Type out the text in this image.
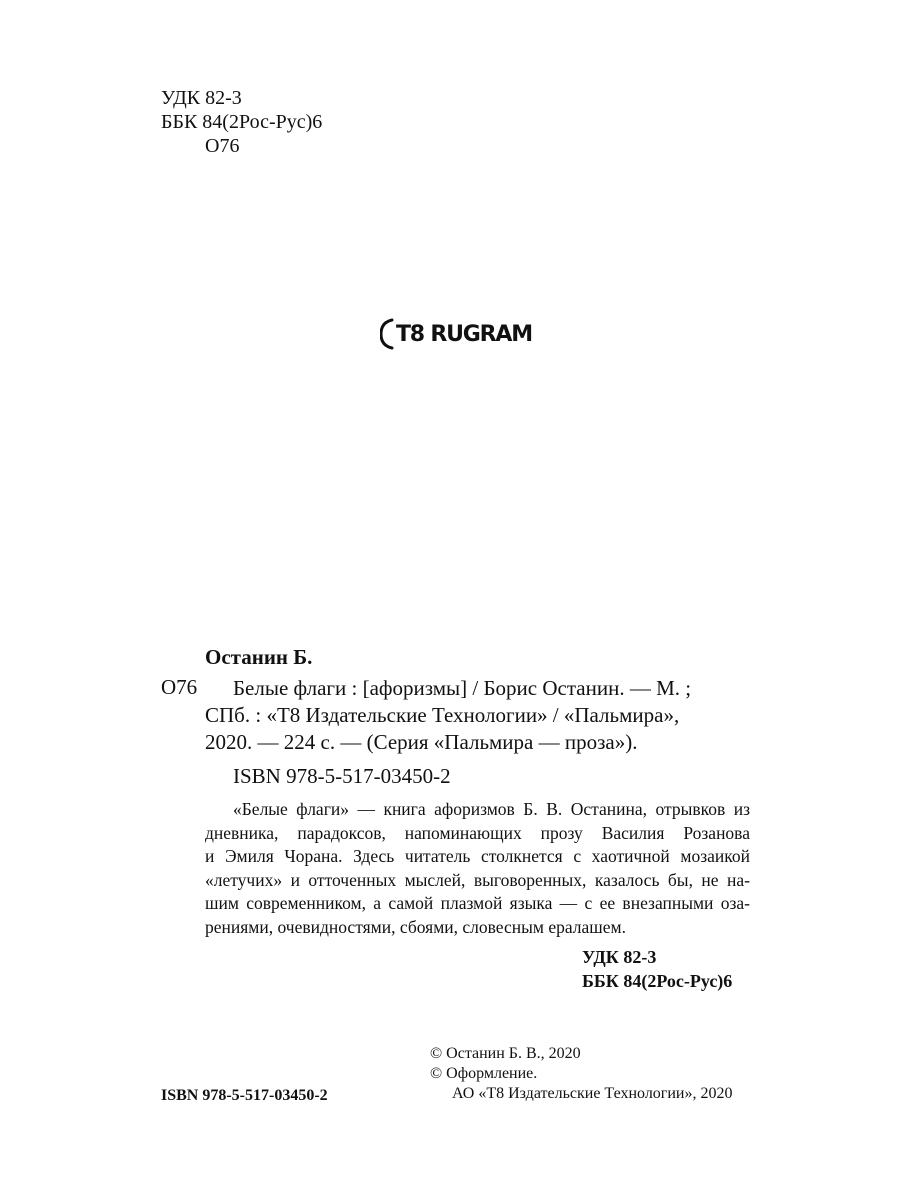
УДК 82-3
ББК 84(2Рос-Рус)6
О76
T8 RUGRAM
Останин Б.
О76 Белые флаги : [афоризмы] / Борис Останин. — М. ;
СПб. : «Т8 Издательские Технологии» / «Пальмира»,
2020. — 224 с. — (Серия «Пальмира — проза»).
ISBN 978-5-517-03450-2
«Белые флаги» — книга афоризмов Б. В. Останина, отрывков из
дневника, парадоксов, напоминающих прозу Василия Розанова
и Эмиля Чорана. Здесь читатель столкнется с хаотичной мозаикой
«летучих» и отточенных мыслей, выговоренных, казалось бы, не на-
шим современником, а самой плазмой языка — с ее внезапными оза-
рениями, очевидностями, сбоями, словесным ералашем.
УДК 82-3
ББК 84(2Рос-Рус)6
© Останин Б. В., 2020
© Оформление.
АО «Т8 Издательские Технологии», 2020
ISBN 978-5-517-03450-2
